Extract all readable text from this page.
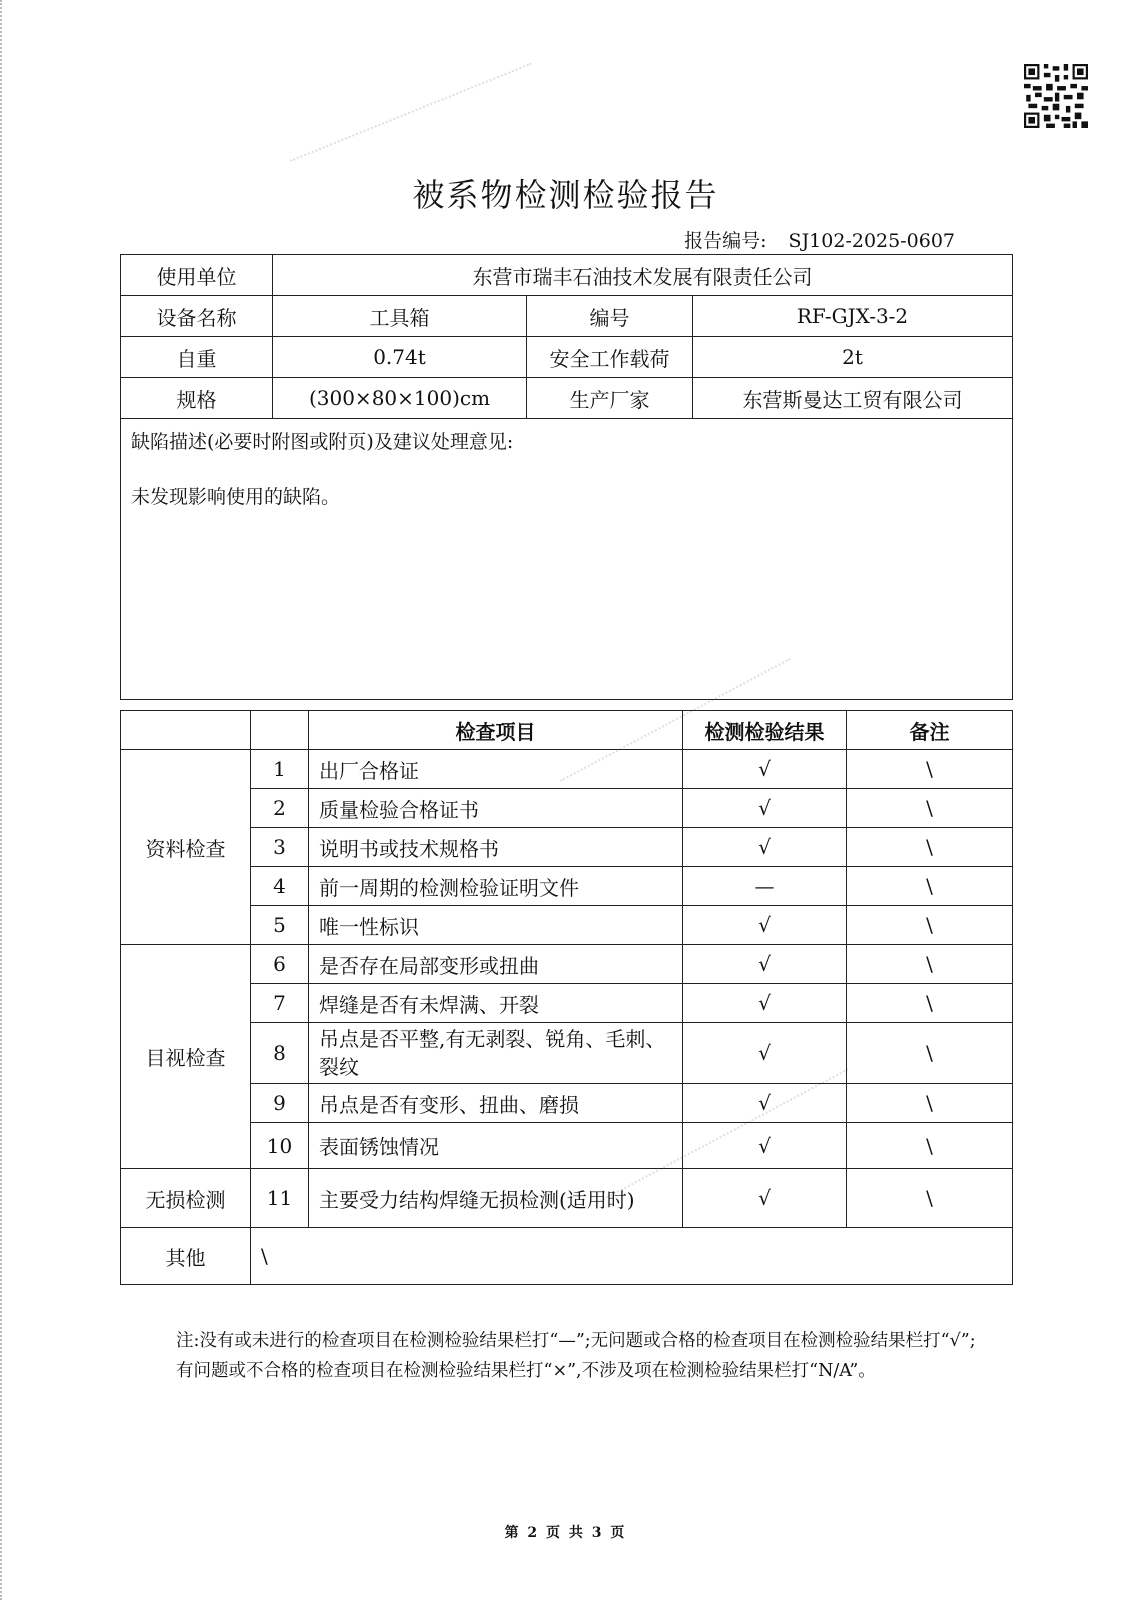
被系物检测检验报告
报告编号: SJ102-2025-0607
使用单位	东营市瑞丰石油技术发展有限责任公司		
设备名称	工具箱	编号	RF-GJX-3-2
自重	0.74t	安全工作载荷	2t
规格	(300×80×100)cm	生产厂家	东营斯曼达工贸有限公司

缺陷描述(必要时附图或附页)及建议处理意见:
未发现影响使用的缺陷。			
		检查项目	检测检验结果	备注
资料检查	1	出厂合格证	√	\
	2	质量检验合格证书	√	\
	3	说明书或技术规格书	√	\
	4	前一周期的检测检验证明文件	—	\
	5	唯一性标识	√	\
目视检查	6	是否存在局部变形或扭曲	√	\
	7	焊缝是否有未焊满、开裂	√	\
	8	吊点是否平整,有无剥裂、锐角、毛刺、裂纹	√	\
	9	吊点是否有变形、扭曲、磨损	√	\
	10	表面锈蚀情况	√	\
无损检测	11	主要受力结构焊缝无损检测(适用时)	√	\
其他	\			
注:没有或未进行的检查项目在检测检验结果栏打“—”;无问题或合格的检查项目在检测检验结果栏打“√”;有问题或不合格的检查项目在检测检验结果栏打“×”,不涉及项在检测检验结果栏打“N/A”。
第 2 页 共 3 页
